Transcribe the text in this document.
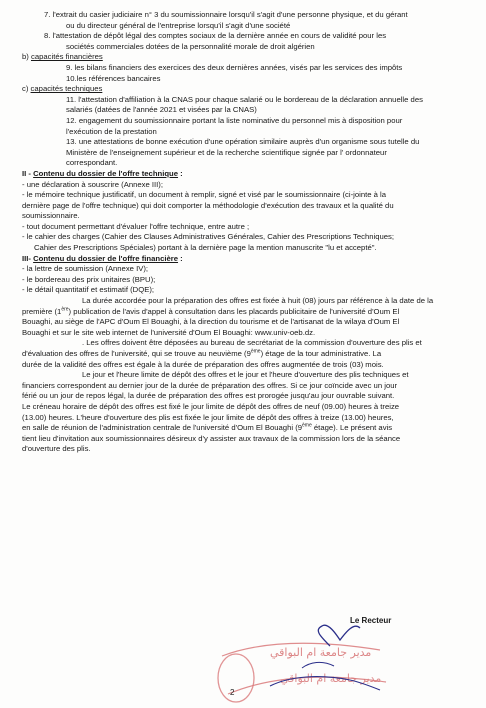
7. l'extrait du casier judiciaire n° 3 du soumissionnaire lorsqu'il s'agit d'une personne physique, et du gérant

ou du directeur général de l'entreprise lorsqu'il s'agit d'une société

8. l'attestation de dépôt légal des comptes sociaux de la dernière année en cours de validité pour les

sociétés commerciales dotées de la personnalité morale de droit algérien

b) capacités financières

9. les bilans financiers des exercices des deux dernières années, visés par les services des impôts

10.les références bancaires

c) capacités techniques

11. l'attestation d'affiliation à la CNAS pour chaque salarié ou le bordereau de la déclaration annuelle des

salariés (datées de l'année 2021 et visées par la CNAS)

12. engagement du soumissionnaire portant la liste nominative du personnel mis à disposition pour

l'exécution de la prestation

13. une attestations de bonne exécution d'une opération similaire auprès d'un organisme sous tutelle du

Ministère de l'enseignement supérieur et de la recherche scientifique signée par l' ordonnateur

correspondant.

II - Contenu du dossier de l'offre technique :

- une déclaration à souscrire (Annexe III);

- le mémoire technique justificatif, un document à remplir, signé et visé par le soumissionnaire (ci-jointe à la

dernière page de l'offre technique) qui doit comporter la méthodologie d'exécution des travaux et la qualité du

soumissionnaire.

- tout document permettant d'évaluer l'offre technique, entre autre ;

- le cahier des charges (Cahier des Clauses Administratives Générales, Cahier des Prescriptions Techniques;

Cahier des Prescriptions Spéciales) portant à la dernière page la mention manuscrite "lu et accepté".

III- Contenu du dossier de l'offre financière :

- la lettre de soumission (Annexe IV);

- le bordereau des prix unitaires (BPU);

- le détail quantitatif et estimatif (DQE);

La durée accordée pour la préparation des offres est fixée à huit (08) jours par référence à la date de la

première (1ère) publication de l'avis d'appel à consultation dans les placards publicitaire de l'université d'Oum El

Bouaghi, au siège de l'APC d'Oum El Bouaghi, à la direction du tourisme et de l'artisanat de la wilaya d'Oum El

Bouaghi et sur le site web internet de l'université d'Oum El Bouaghi: www.univ-oeb.dz.

. Les offres doivent être déposées au bureau de secrétariat de la commission d'ouverture des plis et

d'évaluation des offres de l'université, qui se trouve au neuvième (9ème) étage de la tour administrative. La

durée de la validité des offres est égale à la durée de préparation des offres augmentée de trois (03) mois.

Le jour et l'heure limite de dépôt des offres et le jour et l'heure d'ouverture des plis techniques et

financiers correspondent au dernier jour de la durée de préparation des offres. Si ce jour coïncide avec un jour

férié ou un jour de repos légal, la durée de préparation des offres est prorogée jusqu'au jour ouvrable suivant.

Le créneau horaire de dépôt des offres est fixé le jour limite de dépôt des offres de neuf (09.00) heures à treize

(13.00) heures. L'heure d'ouverture des plis est fixée le jour limite de dépôt des offres à treize (13.00) heures,

en salle de réunion de l'administration centrale de l'université d'Oum El Bouaghi (9ème étage). Le présent avis

tient lieu d'invitation aux soumissionnaires désireux d'y assister aux travaux de la commission lors de la séance

d'ouverture des plis.

مدير جامعة ام البواقي
مدير جامعة ام البواقي
Le Recteur
2
